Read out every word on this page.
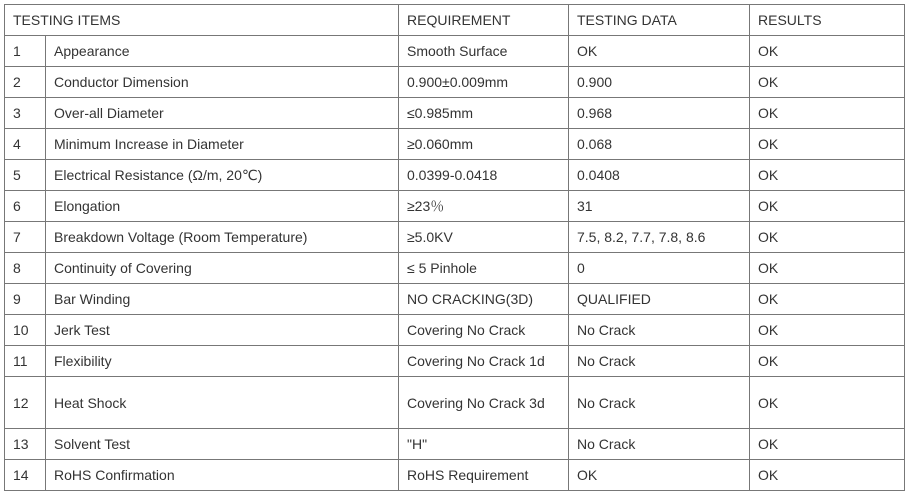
TESTING ITEMS		REQUIREMENT	TESTING DATA	RESULTS
1	Appearance	Smooth Surface	OK	OK
2	Conductor Dimension	0.900±0.009mm	0.900	OK
3	Over-all Diameter	≤0.985mm	0.968	OK
4	Minimum Increase in Diameter	≥0.060mm	0.068	OK
5	Electrical Resistance (Ω/m, 20℃)	0.0399-0.0418	0.0408	OK
6	Elongation	≥23％	31	OK
7	Breakdown Voltage (Room Temperature)	≥5.0KV	7.5, 8.2, 7.7, 7.8, 8.6	OK
8	Continuity of Covering	≤ 5 Pinhole	0	OK
9	Bar Winding	NO CRACKING(3D)	QUALIFIED	OK
10	Jerk Test	Covering No Crack	No Crack	OK
11	Flexibility	Covering No Crack 1d	No Crack	OK
12	Heat Shock	Covering No Crack 3d	No Crack	OK
13	Solvent Test	"H"	No Crack	OK
14	RoHS Confirmation	RoHS Requirement	OK	OK
